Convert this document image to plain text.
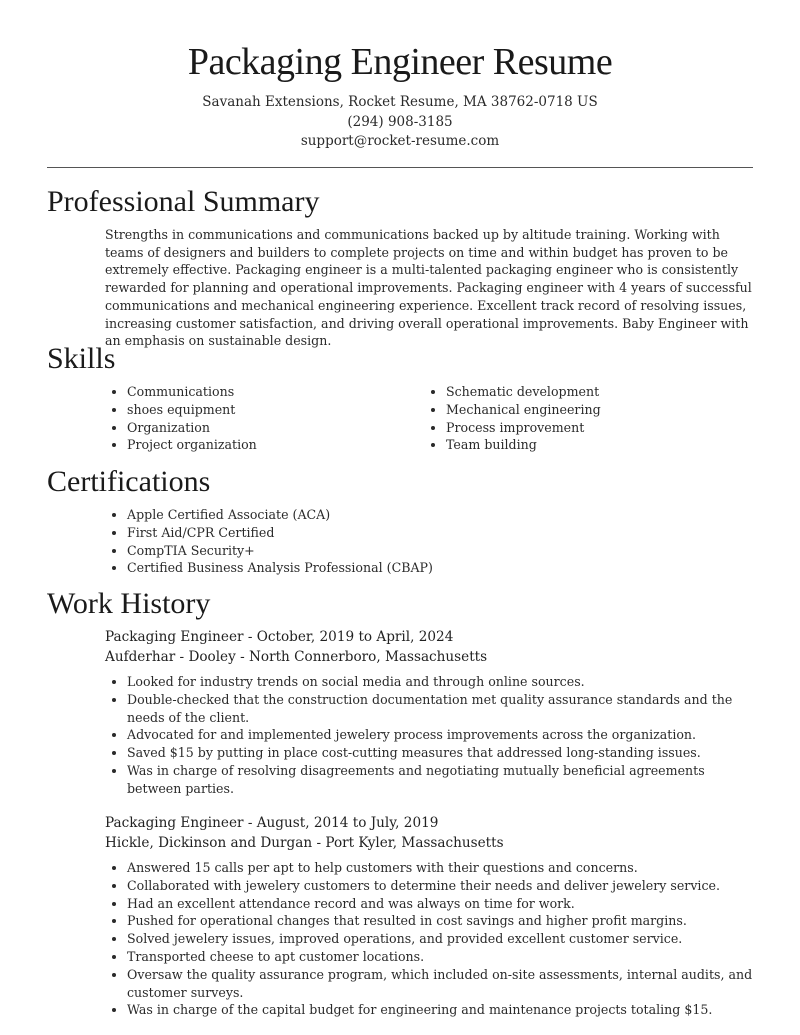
Packaging Engineer Resume
Savanah Extensions, Rocket Resume, MA 38762-0718 US
(294) 908-3185
support@rocket-resume.com
Professional Summary

Strengths in communications and communications backed up by altitude training. Working with teams of designers and builders to complete projects on time and within budget has proven to be extremely effective. Packaging engineer is a multi-talented packaging engineer who is consistently rewarded for planning and operational improvements. Packaging engineer with 4 years of successful communications and mechanical engineering experience. Excellent track record of resolving issues, increasing customer satisfaction, and driving overall operational improvements. Baby Engineer with an emphasis on sustainable design.

Skills
• Communications
• shoes equipment
• Organization
• Project organization
• Schematic development
• Mechanical engineering
• Process improvement
• Team building
Certifications
• Apple Certified Associate (ACA)
• First Aid/CPR Certified
• CompTIA Security+
• Certified Business Analysis Professional (CBAP)
Work History
Packaging Engineer - October, 2019 to April, 2024
Aufderhar - Dooley - North Connerboro, Massachusetts
• Looked for industry trends on social media and through online sources.
• Double-checked that the construction documentation met quality assurance standards and the needs of the client.
• Advocated for and implemented jewelery process improvements across the organization.
• Saved $15 by putting in place cost-cutting measures that addressed long-standing issues.
• Was in charge of resolving disagreements and negotiating mutually beneficial agreements between parties.
Packaging Engineer - August, 2014 to July, 2019
Hickle, Dickinson and Durgan - Port Kyler, Massachusetts
• Answered 15 calls per apt to help customers with their questions and concerns.
• Collaborated with jewelery customers to determine their needs and deliver jewelery service.
• Had an excellent attendance record and was always on time for work.
• Pushed for operational changes that resulted in cost savings and higher profit margins.
• Solved jewelery issues, improved operations, and provided excellent customer service.
• Transported cheese to apt customer locations.
• Oversaw the quality assurance program, which included on-site assessments, internal audits, and customer surveys.
• Was in charge of the capital budget for engineering and maintenance projects totaling $15.
